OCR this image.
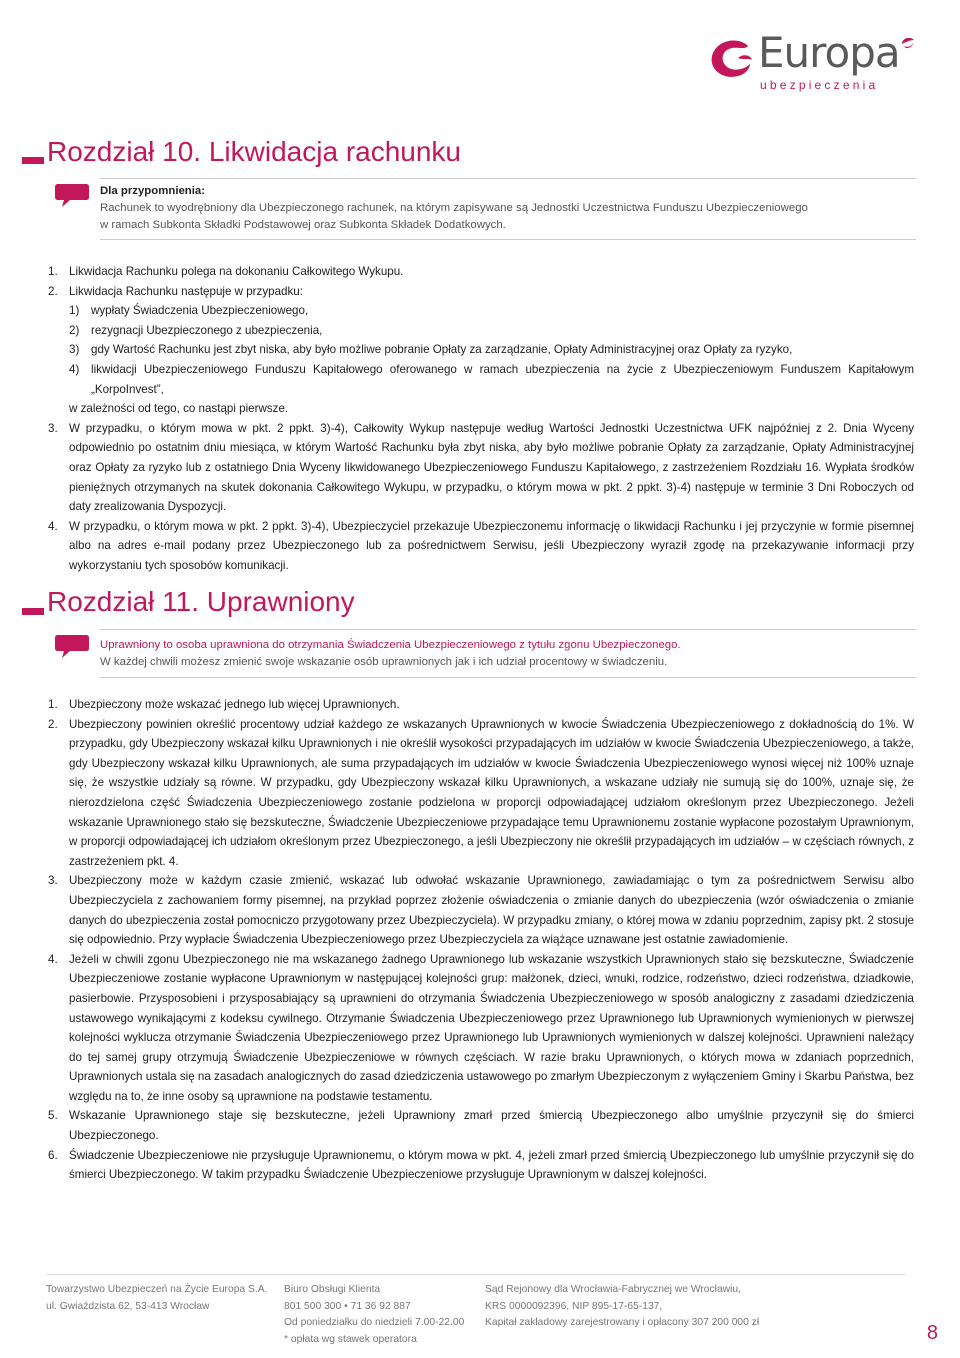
Europa
ubezpieczenia
Rozdział 10. Likwidacja rachunku

Dla przypomnienia:

Rachunek to wyodrębniony dla Ubezpieczonego rachunek, na którym zapisywane są Jednostki Uczestnictwa Funduszu Ubezpieczeniowego

w ramach Subkonta Składki Podstawowej oraz Subkonta Składek Dodatkowych.

1. Likwidacja Rachunku polega na dokonaniu Całkowitego Wykupu.
2. Likwidacja Rachunku następuje w przypadku:
1) wypłaty Świadczenia Ubezpieczeniowego,
2) rezygnacji Ubezpieczonego z ubezpieczenia,
3) gdy Wartość Rachunku jest zbyt niska, aby było możliwe pobranie Opłaty za zarządzanie, Opłaty Administracyjnej oraz Opłaty za ryzyko,
4) likwidacji Ubezpieczeniowego Funduszu Kapitałowego oferowanego w ramach ubezpieczenia na życie z Ubezpieczeniowym Funduszem Kapitałowym „KorpoInvest”,
w zależności od tego, co nastąpi pierwsze.
3. W przypadku, o którym mowa w pkt. 2 ppkt. 3)-4), Całkowity Wykup następuje według Wartości Jednostki Uczestnictwa UFK najpóźniej z 2. Dnia Wyceny odpowiednio po ostatnim dniu miesiąca, w którym Wartość Rachunku była zbyt niska, aby było możliwe pobranie Opłaty za zarządzanie, Opłaty Administracyjnej oraz Opłaty za ryzyko lub z ostatniego Dnia Wyceny likwidowanego Ubezpieczeniowego Funduszu Kapitałowego, z zastrzeżeniem Rozdziału 16. Wypłata środków pieniężnych otrzymanych na skutek dokonania Całkowitego Wykupu, w przypadku, o którym mowa w pkt. 2 ppkt. 3)-4) następuje w terminie 3 Dni Roboczych od daty zrealizowania Dyspozycji.
4. W przypadku, o którym mowa w pkt. 2 ppkt. 3)-4), Ubezpieczyciel przekazuje Ubezpieczonemu informację o likwidacji Rachunku i jej przyczynie w formie pisemnej albo na adres e-mail podany przez Ubezpieczonego lub za pośrednictwem Serwisu, jeśli Ubezpieczony wyraził zgodę na przekazywanie informacji przy wykorzystaniu tych sposobów komunikacji.
Rozdział 11. Uprawniony

Uprawniony to osoba uprawniona do otrzymania Świadczenia Ubezpieczeniowego z tytułu zgonu Ubezpieczonego.

W każdej chwili możesz zmienić swoje wskazanie osób uprawnionych jak i ich udział procentowy w świadczeniu.

1. Ubezpieczony może wskazać jednego lub więcej Uprawnionych.
2. Ubezpieczony powinien określić procentowy udział każdego ze wskazanych Uprawnionych w kwocie Świadczenia Ubezpieczeniowego z dokładnością do 1%. W przypadku, gdy Ubezpieczony wskazał kilku Uprawnionych i nie określił wysokości przypadających im udziałów w kwocie Świadczenia Ubezpieczeniowego, a także, gdy Ubezpieczony wskazał kilku Uprawnionych, ale suma przypadających im udziałów w kwocie Świadczenia Ubezpieczeniowego wynosi więcej niż 100% uznaje się, że wszystkie udziały są równe. W przypadku, gdy Ubezpieczony wskazał kilku Uprawnionych, a wskazane udziały nie sumują się do 100%, uznaje się, że nierozdzielona część Świadczenia Ubezpieczeniowego zostanie podzielona w proporcji odpowiadającej udziałom określonym przez Ubezpieczonego. Jeżeli wskazanie Uprawnionego stało się bezskuteczne, Świadczenie Ubezpieczeniowe przypadające temu Uprawnionemu zostanie wypłacone pozostałym Uprawnionym, w proporcji odpowiadającej ich udziałom określonym przez Ubezpieczonego, a jeśli Ubezpieczony nie określił przypadających im udziałów – w częściach równych, z zastrzeżeniem pkt. 4.
3. Ubezpieczony może w każdym czasie zmienić, wskazać lub odwołać wskazanie Uprawnionego, zawiadamiając o tym za pośrednictwem Serwisu albo Ubezpieczyciela z zachowaniem formy pisemnej, na przykład poprzez złożenie oświadczenia o zmianie danych do ubezpieczenia (wzór oświadczenia o zmianie danych do ubezpieczenia został pomocniczo przygotowany przez Ubezpieczyciela). W przypadku zmiany, o której mowa w zdaniu poprzednim, zapisy pkt. 2 stosuje się odpowiednio. Przy wypłacie Świadczenia Ubezpieczeniowego przez Ubezpieczyciela za wiążące uznawane jest ostatnie zawiadomienie.
4. Jeżeli w chwili zgonu Ubezpieczonego nie ma wskazanego żadnego Uprawnionego lub wskazanie wszystkich Uprawnionych stało się bezskuteczne, Świadczenie Ubezpieczeniowe zostanie wypłacone Uprawnionym w następującej kolejności grup: małżonek, dzieci, wnuki, rodzice, rodzeństwo, dzieci rodzeństwa, dziadkowie, pasierbowie. Przysposobieni i przysposabiający są uprawnieni do otrzymania Świadczenia Ubezpieczeniowego w sposób analogiczny z zasadami dziedziczenia ustawowego wynikającymi z kodeksu cywilnego. Otrzymanie Świadczenia Ubezpieczeniowego przez Uprawnionego lub Uprawnionych wymienionych w pierwszej kolejności wyklucza otrzymanie Świadczenia Ubezpieczeniowego przez Uprawnionego lub Uprawnionych wymienionych w dalszej kolejności. Uprawnieni należący do tej samej grupy otrzymują Świadczenie Ubezpieczeniowe w równych częściach. W razie braku Uprawnionych, o których mowa w zdaniach poprzednich, Uprawnionych ustala się na zasadach analogicznych do zasad dziedziczenia ustawowego po zmarłym Ubezpieczonym z wyłączeniem Gminy i Skarbu Państwa, bez względu na to, że inne osoby są uprawnione na podstawie testamentu.
5. Wskazanie Uprawnionego staje się bezskuteczne, jeżeli Uprawniony zmarł przed śmiercią Ubezpieczonego albo umyślnie przyczynił się do śmierci Ubezpieczonego.
6. Świadczenie Ubezpieczeniowe nie przysługuje Uprawnionemu, o którym mowa w pkt. 4, jeżeli zmarł przed śmiercią Ubezpieczonego lub umyślnie przyczynił się do śmierci Ubezpieczonego. W takim przypadku Świadczenie Ubezpieczeniowe przysługuje Uprawnionym w dalszej kolejności.
Towarzystwo Ubezpieczeń na Życie Europa S.A.
ul. Gwiaździsta 62, 53-413 Wrocław
Biuro Obsługi Klienta
801 500 300 • 71 36 92 887
Od poniedziałku do niedzieli 7.00-22.00
* opłata wg stawek operatora
Sąd Rejonowy dla Wrocławia-Fabrycznej we Wrocławiu,
KRS 0000092396, NIP 895-17-65-137,
Kapitał zakładowy zarejestrowany i opłacony 307 200 000 zł	8
